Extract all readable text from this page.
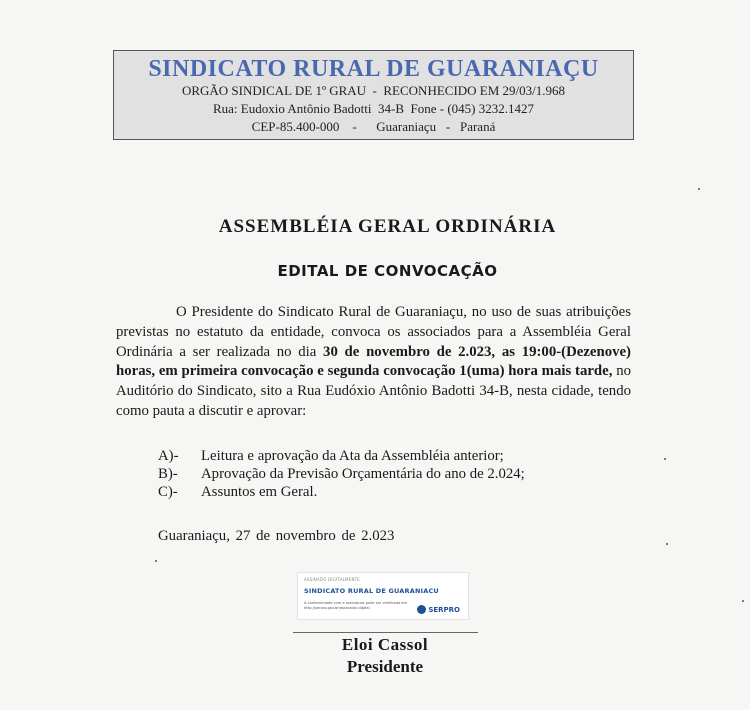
SINDICATO RURAL DE GUARANIAÇU
ORGÃO SINDICAL DE 1º GRAU  -  RECONHECIDO EM 29/03/1.968
Rua: Eudoxio Antônio Badotti  34-B  Fone - (045) 3232.1427
CEP-85.400-000    -      Guaraniaçu   -   Paraná
ASSEMBLÉIA GERAL ORDINÁRIA
EDITAL DE CONVOCAÇÃO

O Presidente do Sindicato Rural de Guaraniaçu, no uso de suas atribuições previstas no estatuto da entidade, convoca os associados para a Assembléia Geral Ordinária a ser realizada no dia 30 de novembro de 2.023, as 19:00-(Dezenove) horas, em primeira convocação e segunda convocação 1(uma) hora mais tarde, no Auditório do Sindicato, sito a Rua Eudóxio Antônio Badotti 34-B, nesta cidade, tendo como pauta a discutir e aprovar:

A)-	Leitura e aprovação da Ata da Assembléia anterior;
B)-	Aprovação da Previsão Orçamentária do ano de 2.024;
C)-	Assuntos em Geral.
Guaraniaçu, 27 de novembro de 2.023
ASSINADO DIGITALMENTE
SINDICATO RURAL DE GUARANIACU
A conformidade com a assinatura pode ser verificada em http://serpro.gov.br/assinador-digital	SERPRO
Eloi Cassol
Presidente
